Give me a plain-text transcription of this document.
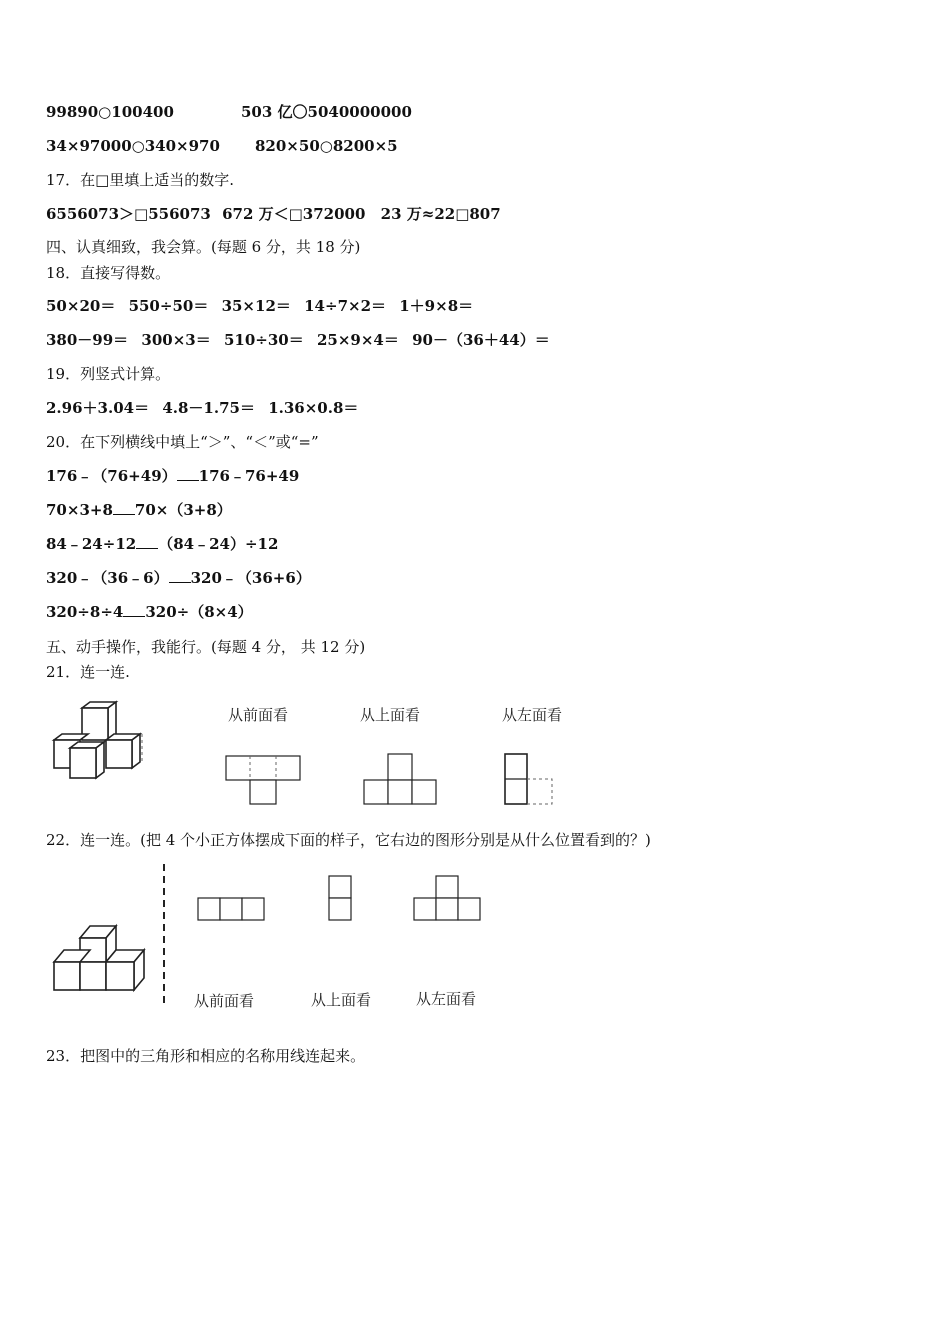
99890○100400	503 亿〇5040000000
34×97000○340×970 820×50○8200×5
17．在□里填上适当的数字.
6556073＞□556073 672 万＜□372000 23 万≈22□807
四、认真细致，我会算。(每题 6 分，共 18 分)
18．直接写得数。
50×20＝ 550÷50＝ 35×12＝ 14÷7×2＝ 1＋9×8＝
380－99＝ 300×3＝ 510÷30＝ 25×9×4＝ 90－（36＋44）＝
19．列竖式计算。
2.96＋3.04＝ 4.8－1.75＝ 1.36×0.8＝
20．在下列横线中填上“＞”、“＜”或“=”
176﹣（76+49） 176﹣76+49
70×3+8 70×（3+8）
84﹣24÷12 （84﹣24）÷12
320﹣（36﹣6） 320﹣（36+6）
320÷8÷4 320÷（8×4）
五、动手操作，我能行。(每题 4 分， 共 12 分)
21．连一连.
从前面看	从上面看	从左面看
22．连一连。(把 4 个小正方体摆成下面的样子，它右边的图形分别是从什么位置看到的？)
从前面看	从上面看	从左面看
23．把图中的三角形和相应的名称用线连起来。
